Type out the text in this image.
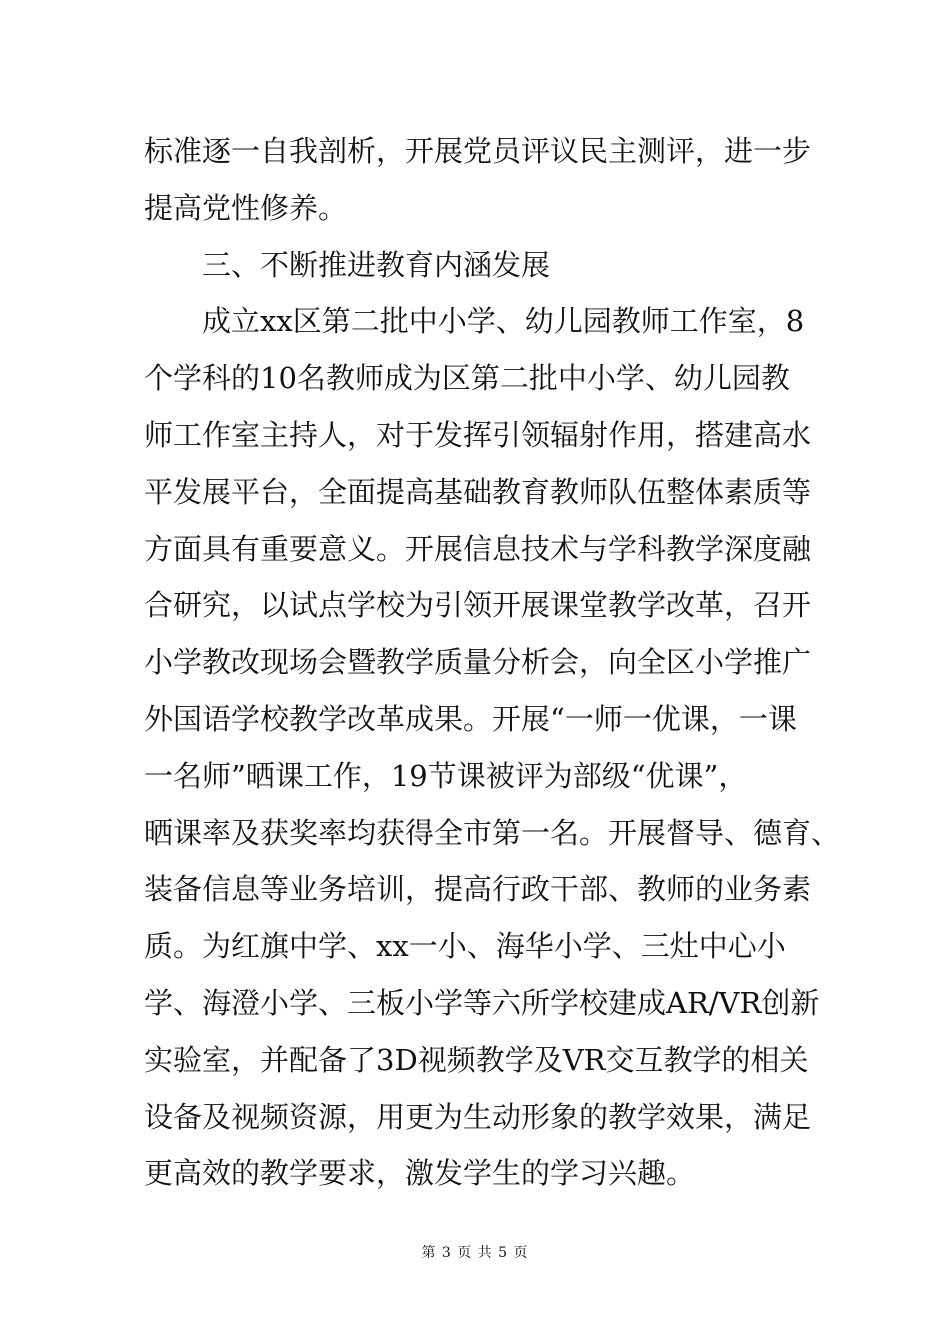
标准逐一自我剖析，开展党员评议民主测评，进一步

提高党性修养。

三、不断推进教育内涵发展

成立xx区第二批中小学、幼儿园教师工作室，8

个学科的10名教师成为区第二批中小学、幼儿园教

师工作室主持人，对于发挥引领辐射作用，搭建高水

平发展平台，全面提高基础教育教师队伍整体素质等

方面具有重要意义。开展信息技术与学科教学深度融

合研究，以试点学校为引领开展课堂教学改革，召开

小学教改现场会暨教学质量分析会，向全区小学推广

外国语学校教学改革成果。开展“一师一优课，一课

一名师”晒课工作，19节课被评为部级“优课”，

晒课率及获奖率均获得全市第一名。开展督导、德育、

装备信息等业务培训，提高行政干部、教师的业务素

质。为红旗中学、xx一小、海华小学、三灶中心小

学、海澄小学、三板小学等六所学校建成AR/VR创新

实验室，并配备了3D视频教学及VR交互教学的相关

设备及视频资源，用更为生动形象的教学效果，满足

更高效的教学要求，激发学生的学习兴趣。

第 3 页 共 5 页
